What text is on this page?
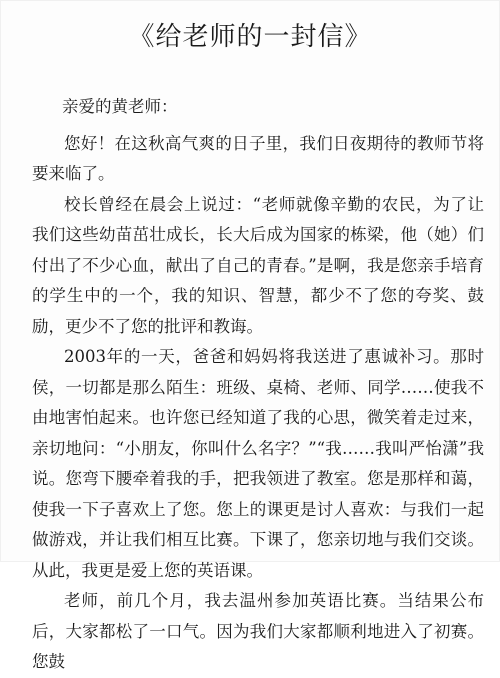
《给老师的一封信》

亲爱的黄老师：

您好！在这秋高气爽的日子里，我们日夜期待的教师节将要来临了。

校长曾经在晨会上说过：“老师就像辛勤的农民，为了让我们这些幼苗茁壮成长，长大后成为国家的栋梁，他（她）们付出了不少心血，献出了自己的青春。”是啊，我是您亲手培育的学生中的一个，我的知识、智慧，都少不了您的夸奖、鼓励，更少不了您的批评和教诲。

2003年的一天，爸爸和妈妈将我送进了惠诚补习。那时侯，一切都是那么陌生：班级、桌椅、老师、同学……使我不由地害怕起来。也许您已经知道了我的心思，微笑着走过来，亲切地问：“小朋友，你叫什么名字？”“我……我叫严怡潇”我说。您弯下腰牵着我的手，把我领进了教室。您是那样和蔼，使我一下子喜欢上了您。您上的课更是讨人喜欢：与我们一起做游戏，并让我们相互比赛。下课了，您亲切地与我们交谈。从此，我更是爱上您的英语课。

老师，前几个月，我去温州参加英语比赛。当结果公布后，大家都松了一口气。因为我们大家都顺利地进入了初赛。您鼓
